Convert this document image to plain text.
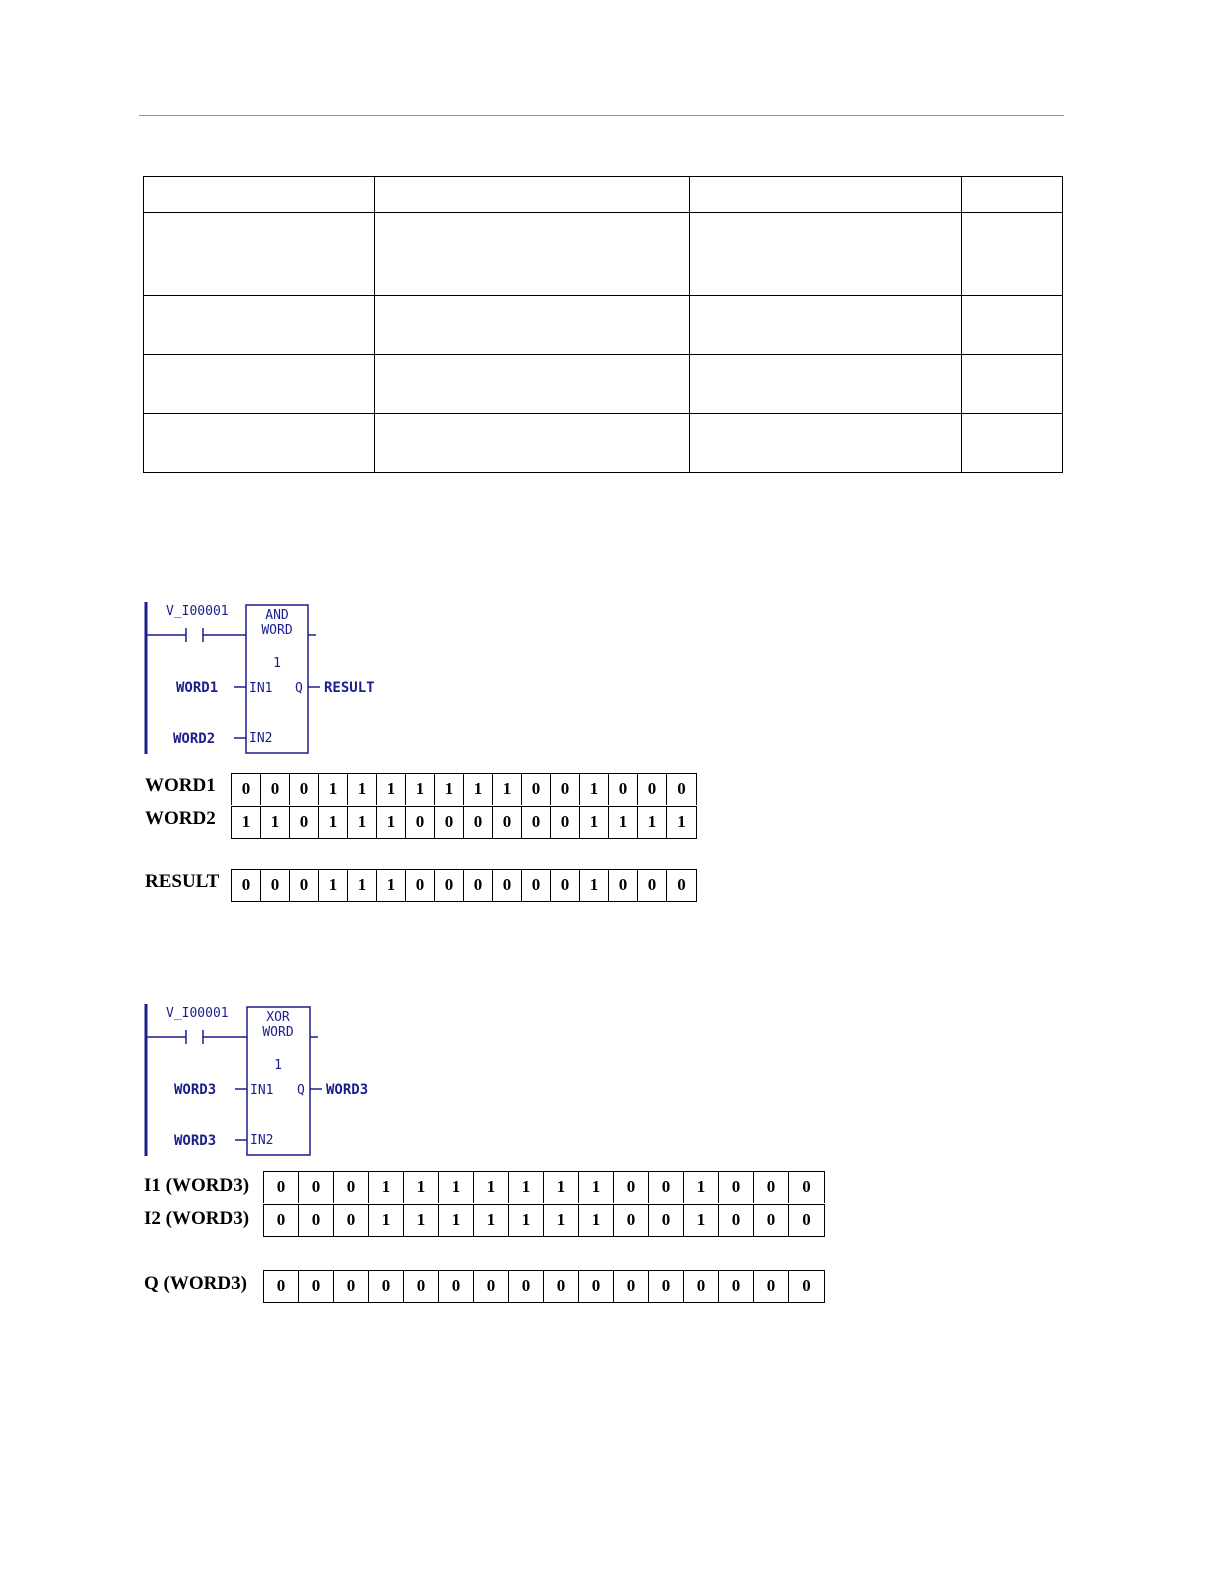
V_I00001	AND
WORD
1
WORD1 IN1 Q RESULT
WORD2	IN2
WORD1	0	0	0	1	1	1	1	1	1	1	0	0	1	0	0	0
WORD2	1	1	0	1	1	1	0	0	0	0	0	0	1	1	1	1
RESULT	0	0	0	1	1	1	0	0	0	0	0	0	1	0	0	0
V_I00001	XOR
WORD
1
WORD3	IN1 Q WORD3
WORD3	IN2
I1 (WORD3)	0	0	0	1	1	1	1	1	1	1	0	0	1	0	0	0
I2 (WORD3)	0	0	0	1	1	1	1	1	1	1	0	0	1	0	0	0
Q (WORD3)	0	0	0	0	0	0	0	0	0	0	0	0	0	0	0	0
